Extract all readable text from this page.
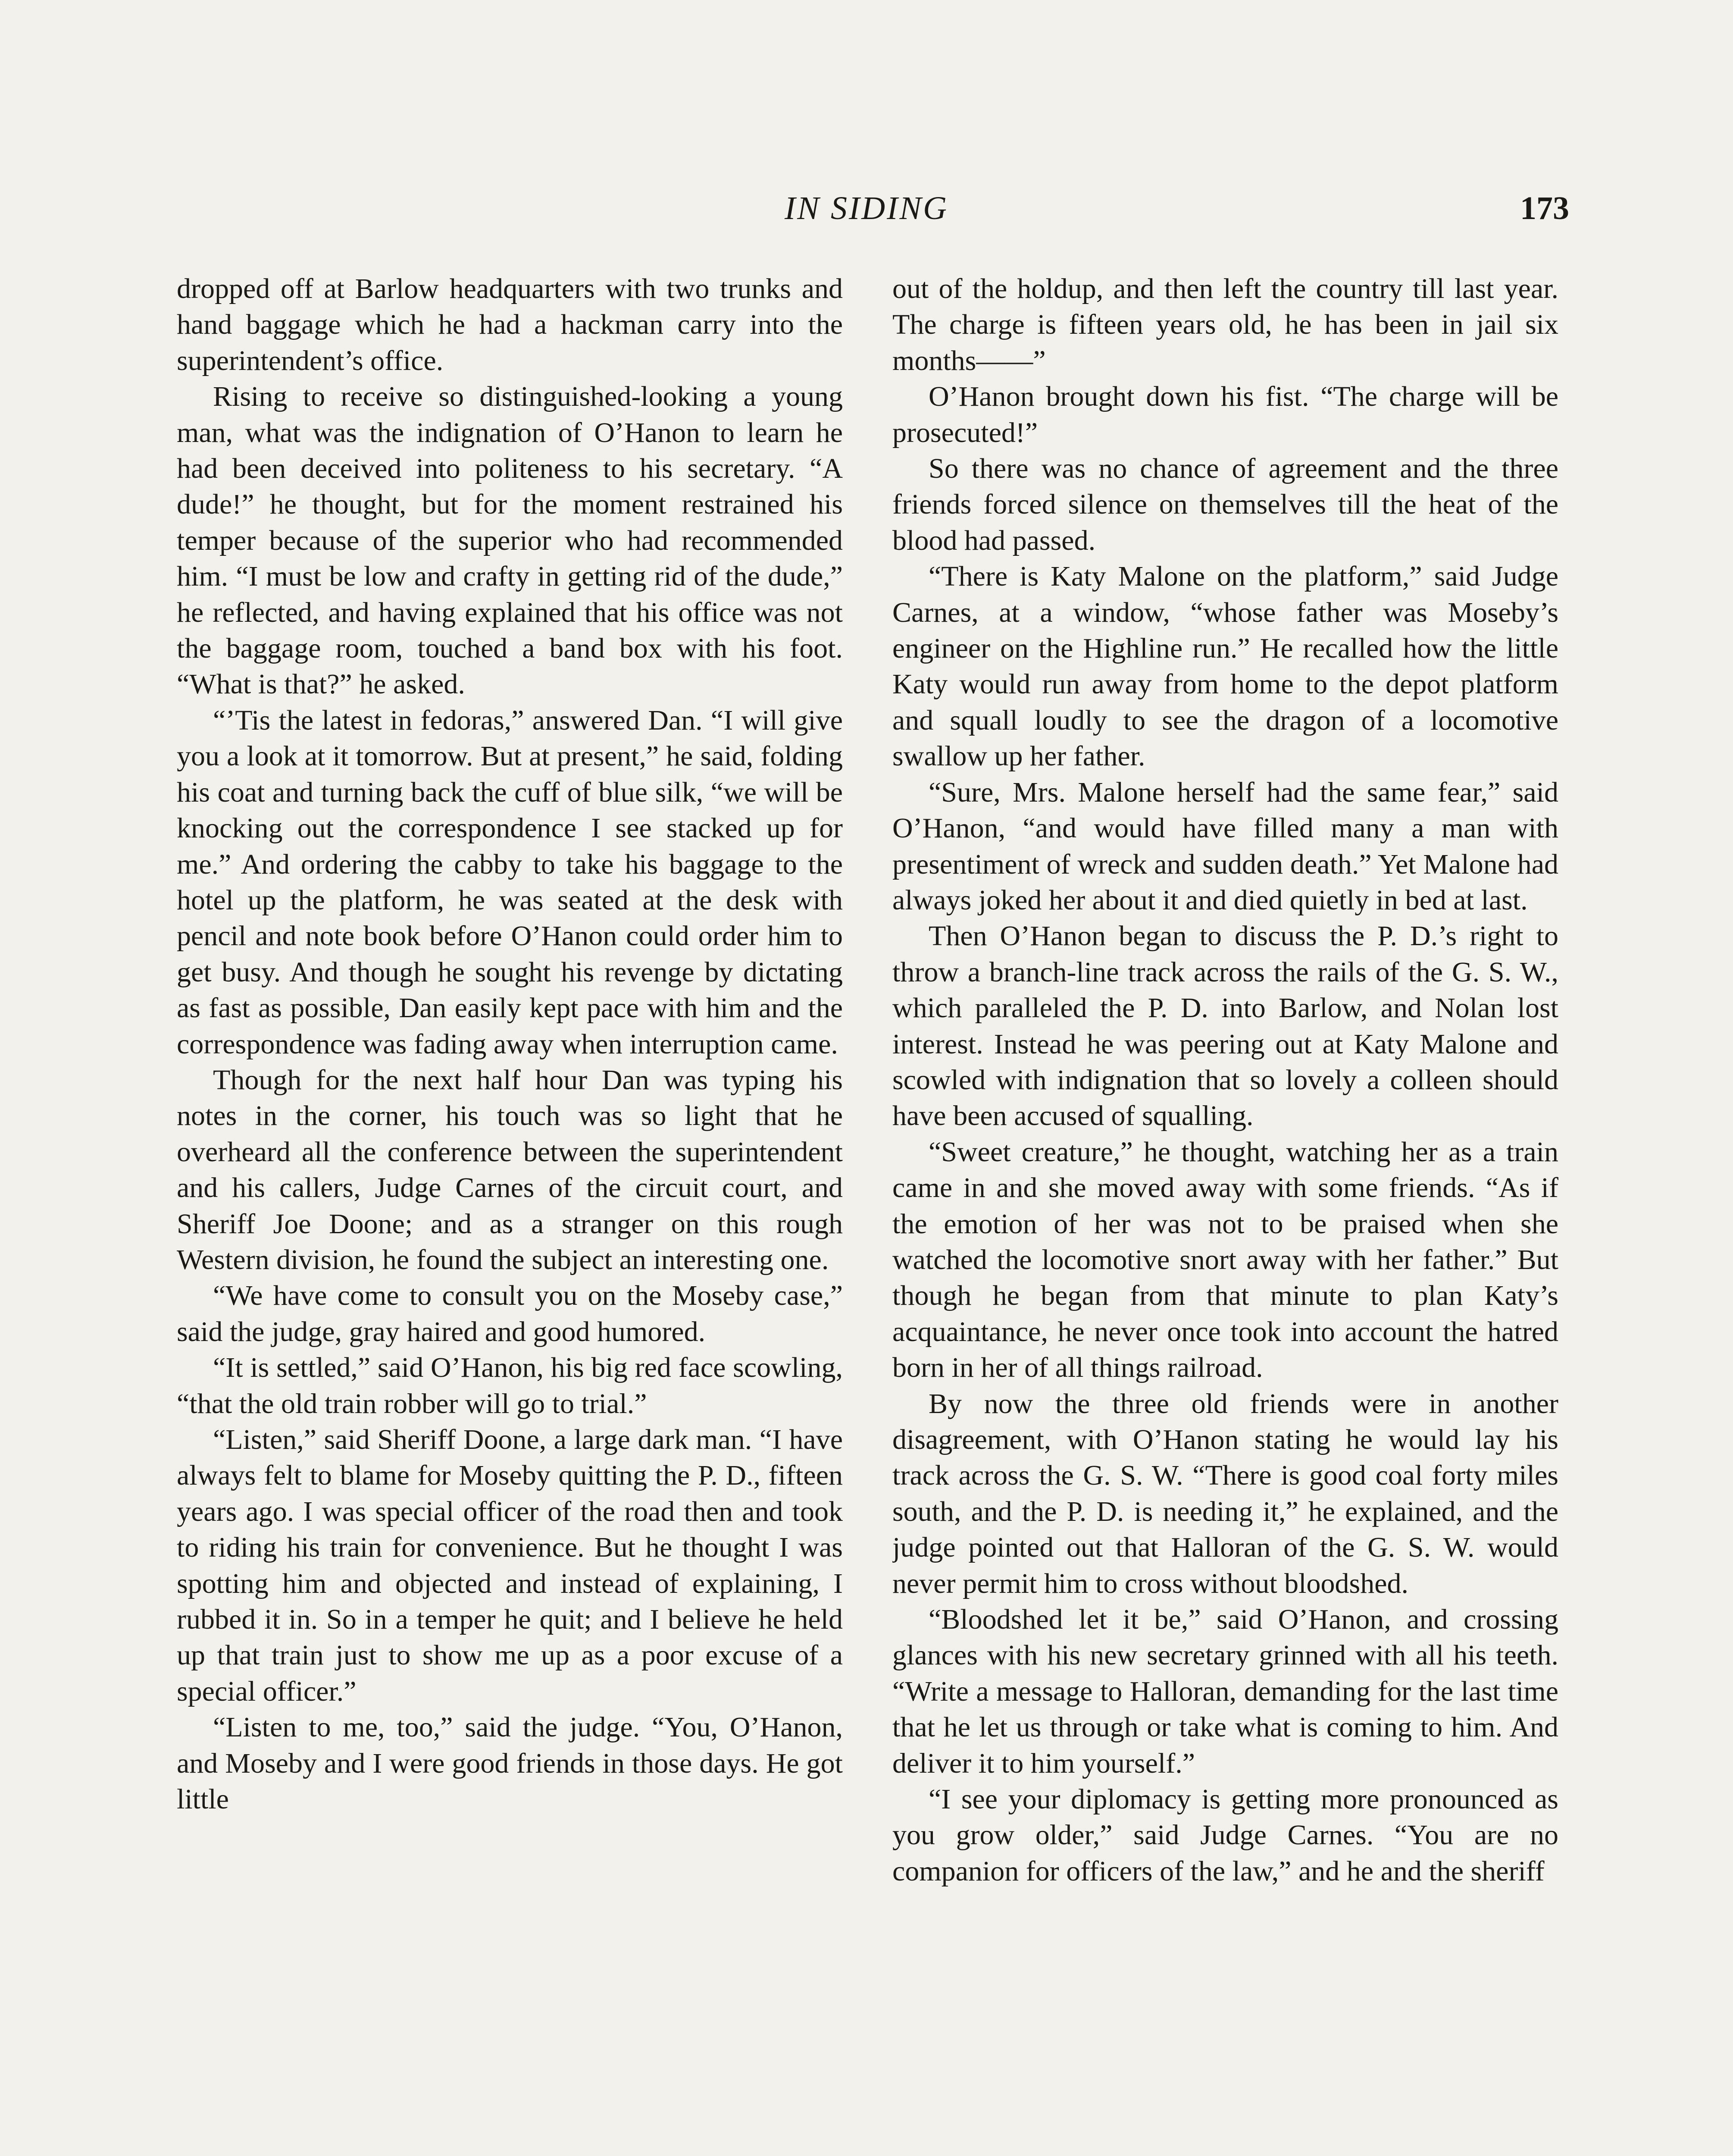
IN SIDING	173

dropped off at Barlow headquarters with two trunks and hand baggage which he had a hackman carry into the superintendent’s office.

Rising to receive so distinguished-looking a young man, what was the indignation of O’Hanon to learn he had been deceived into politeness to his secretary. “A dude!” he thought, but for the moment restrained his temper because of the superior who had recommended him. “I must be low and crafty in getting rid of the dude,” he reflected, and having explained that his office was not the baggage room, touched a band box with his foot. “What is that?” he asked.

“’Tis the latest in fedoras,” answered Dan. “I will give you a look at it tomorrow. But at present,” he said, folding his coat and turning back the cuff of blue silk, “we will be knocking out the correspondence I see stacked up for me.” And ordering the cabby to take his baggage to the hotel up the platform, he was seated at the desk with pencil and note book before O’Hanon could order him to get busy. And though he sought his revenge by dictating as fast as possible, Dan easily kept pace with him and the correspondence was fading away when interruption came.

Though for the next half hour Dan was typing his notes in the corner, his touch was so light that he overheard all the conference between the superintendent and his callers, Judge Carnes of the circuit court, and Sheriff Joe Doone; and as a stranger on this rough Western division, he found the subject an interesting one.

“We have come to consult you on the Moseby case,” said the judge, gray haired and good humored.

“It is settled,” said O’Hanon, his big red face scowling, “that the old train robber will go to trial.”

“Listen,” said Sheriff Doone, a large dark man. “I have always felt to blame for Moseby quitting the P. D., fifteen years ago. I was special officer of the road then and took to riding his train for convenience. But he thought I was spotting him and objected and instead of explaining, I rubbed it in. So in a temper he quit; and I believe he held up that train just to show me up as a poor excuse of a special officer.”

“Listen to me, too,” said the judge. “You, O’Hanon, and Moseby and I were good friends in those days. He got little

out of the holdup, and then left the country till last year. The charge is fifteen years old, he has been in jail six months——”

O’Hanon brought down his fist. “The charge will be prosecuted!”

So there was no chance of agreement and the three friends forced silence on themselves till the heat of the blood had passed.

“There is Katy Malone on the platform,” said Judge Carnes, at a window, “whose father was Moseby’s engineer on the Highline run.” He recalled how the little Katy would run away from home to the depot platform and squall loudly to see the dragon of a locomotive swallow up her father.

“Sure, Mrs. Malone herself had the same fear,” said O’Hanon, “and would have filled many a man with presentiment of wreck and sudden death.” Yet Malone had always joked her about it and died quietly in bed at last.

Then O’Hanon began to discuss the P. D.’s right to throw a branch-line track across the rails of the G. S. W., which paralleled the P. D. into Barlow, and Nolan lost interest. Instead he was peering out at Katy Malone and scowled with indignation that so lovely a colleen should have been accused of squalling.

“Sweet creature,” he thought, watching her as a train came in and she moved away with some friends. “As if the emotion of her was not to be praised when she watched the locomotive snort away with her father.” But though he began from that minute to plan Katy’s acquaintance, he never once took into account the hatred born in her of all things railroad.

By now the three old friends were in another disagreement, with O’Hanon stating he would lay his track across the G. S. W. “There is good coal forty miles south, and the P. D. is needing it,” he explained, and the judge pointed out that Halloran of the G. S. W. would never permit him to cross without bloodshed.

“Bloodshed let it be,” said O’Hanon, and crossing glances with his new secretary grinned with all his teeth. “Write a message to Halloran, demanding for the last time that he let us through or take what is coming to him. And deliver it to him yourself.”

“I see your diplomacy is getting more pronounced as you grow older,” said Judge Carnes. “You are no companion for officers of the law,” and he and the sheriff
